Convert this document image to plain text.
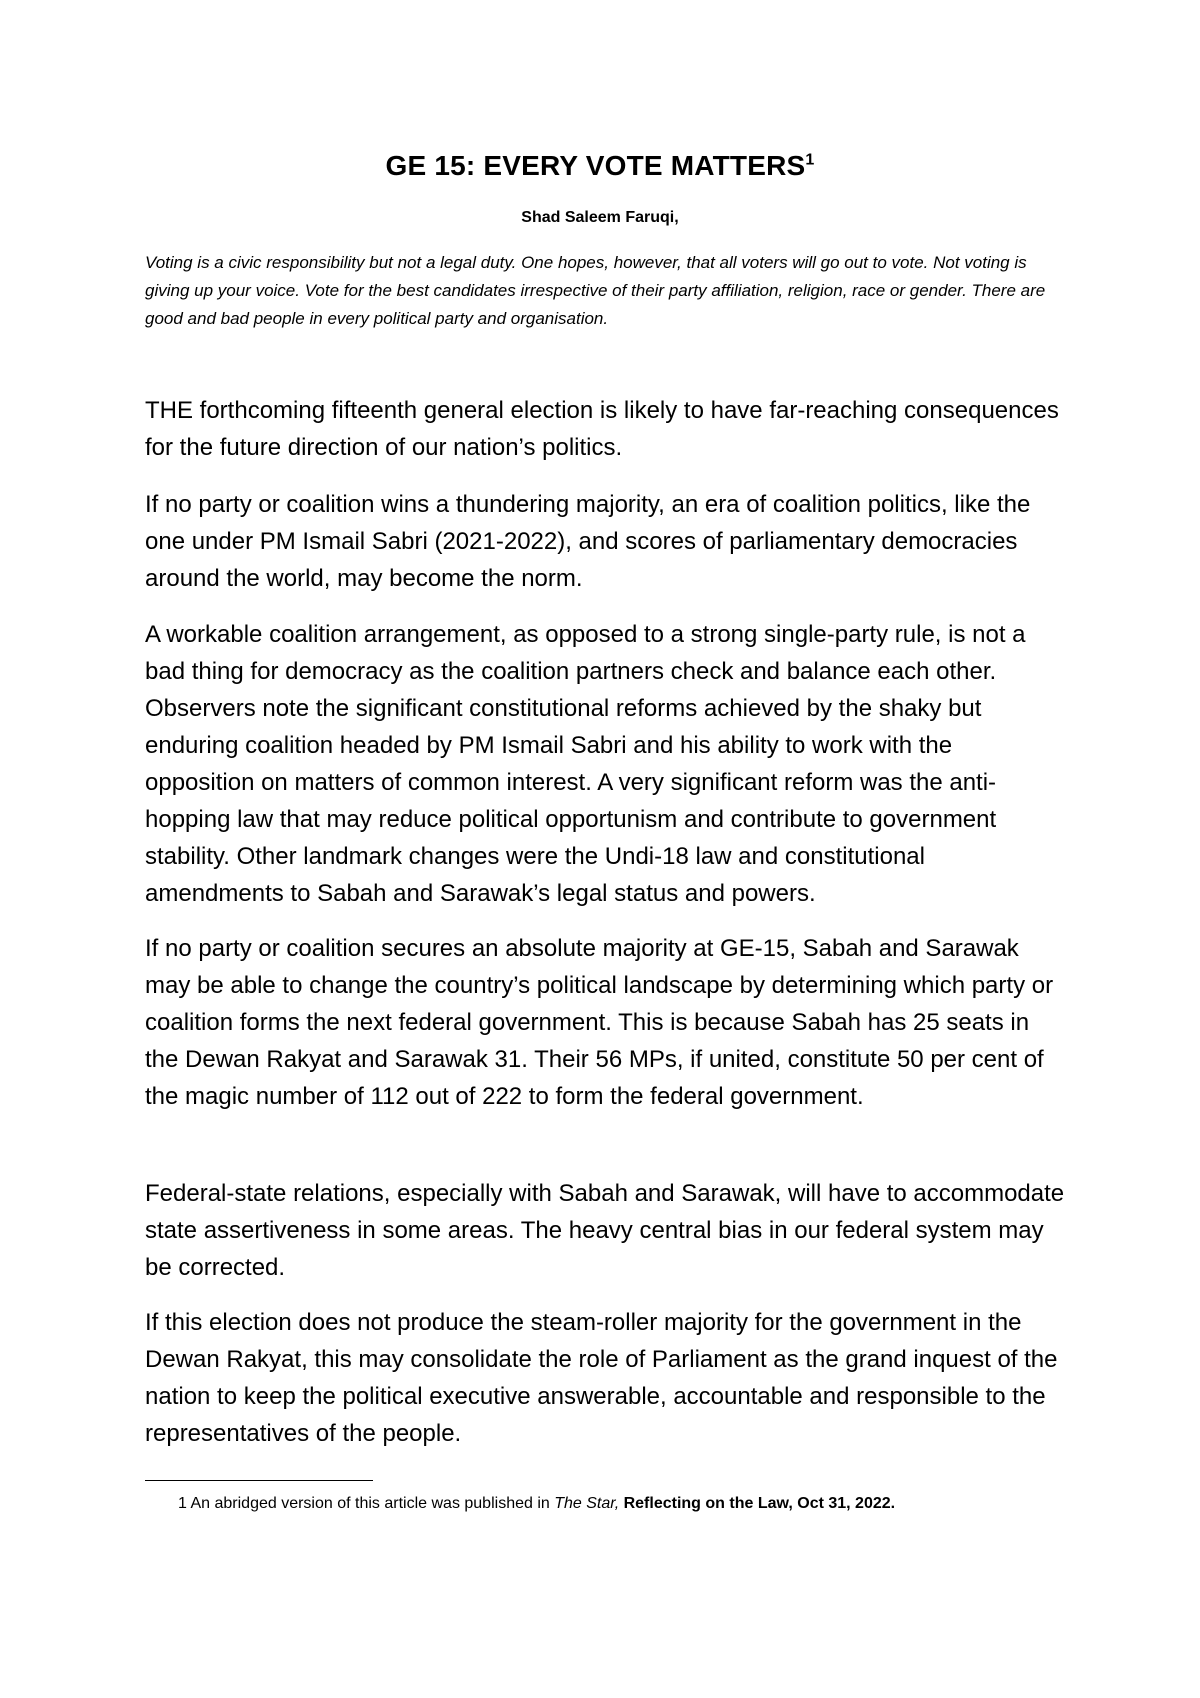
GE 15: EVERY VOTE MATTERS$^1$
Shad Saleem Faruqi,

Voting is a civic responsibility but not a legal duty. One hopes, however, that all voters will go out to vote. Not voting is giving up your voice. Vote for the best candidates irrespective of their party affiliation, religion, race or gender. There are good and bad people in every political party and organisation.

THE forthcoming fifteenth general election is likely to have far-reaching consequences for the future direction of our nation’s politics.

If no party or coalition wins a thundering majority, an era of coalition politics, like the one under PM Ismail Sabri (2021-2022), and scores of parliamentary democracies around the world, may become the norm.

A workable coalition arrangement, as opposed to a strong single-party rule, is not a bad thing for democracy as the coalition partners check and balance each other. Observers note the significant constitutional reforms achieved by the shaky but enduring coalition headed by PM Ismail Sabri and his ability to work with the opposition on matters of common interest. A very significant reform was the anti-hopping law that may reduce political opportunism and contribute to government stability. Other landmark changes were the Undi-18 law and constitutional amendments to Sabah and Sarawak’s legal status and powers.

If no party or coalition secures an absolute majority at GE-15, Sabah and Sarawak may be able to change the country’s political landscape by determining which party or coalition forms the next federal government. This is because Sabah has 25 seats in the Dewan Rakyat and Sarawak 31. Their 56 MPs, if united, constitute 50 per cent of the magic number of 112 out of 222 to form the federal government.

Federal-state relations, especially with Sabah and Sarawak, will have to accommodate state assertiveness in some areas. The heavy central bias in our federal system may be corrected.

If this election does not produce the steam-roller majority for the government in the Dewan Rakyat, this may consolidate the role of Parliament as the grand inquest of the nation to keep the political executive answerable, accountable and responsible to the representatives of the people.

1 An abridged version of this article was published in The Star, Reflecting on the Law, Oct 31, 2022.
